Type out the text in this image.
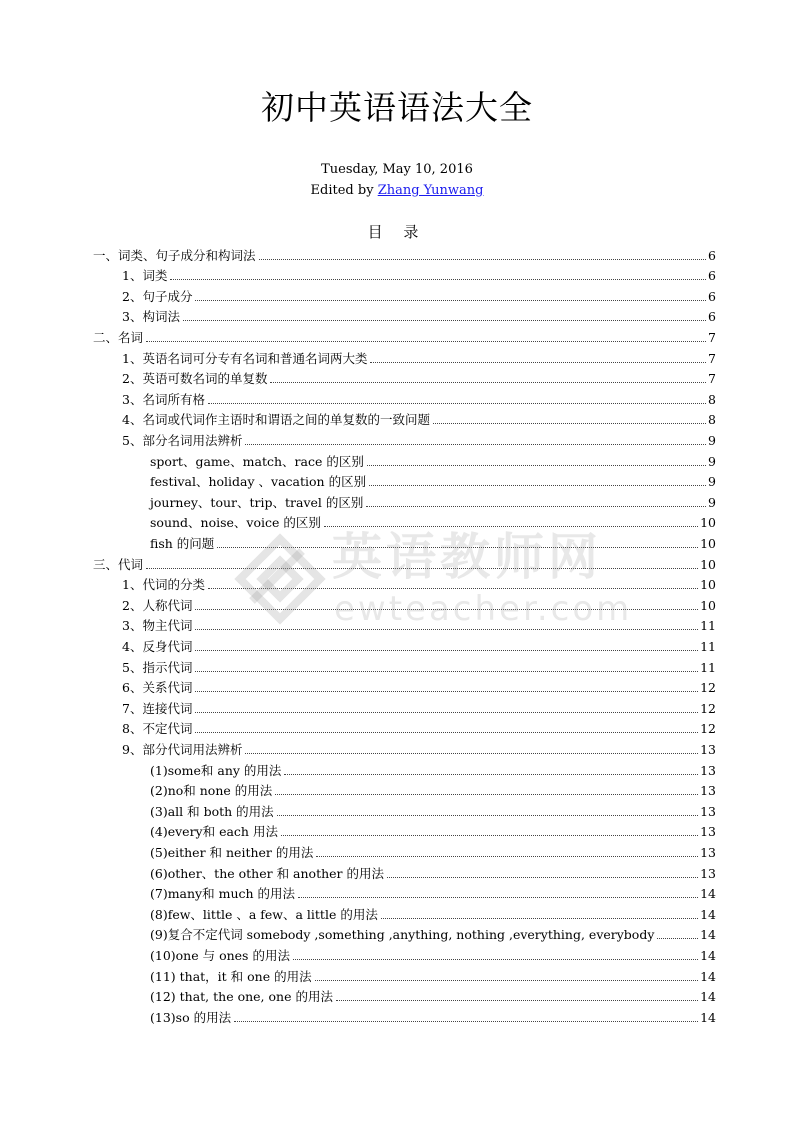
初中英语语法大全
Tuesday, May 10, 2016
Edited by Zhang Yunwang
目 录
一、词类、句子成分和构词法	6
1、词类	6
2、句子成分	6
3、构词法	6
二、名词	7
1、英语名词可分专有名词和普通名词两大类	7
2、英语可数名词的单复数	7
3、名词所有格	8
4、名词或代词作主语时和谓语之间的单复数的一致问题	8
5、部分名词用法辨析	9
sport、game、match、race 的区别	9
festival、holiday 、vacation 的区别	9
journey、tour、trip、travel 的区别	9
sound、noise、voice 的区别	10
fish 的问题	10
三、代词	10
1、代词的分类	10
2、人称代词	10
3、物主代词	11
4、反身代词	11
5、指示代词	11
6、关系代词	12
7、连接代词	12
8、不定代词	12
9、部分代词用法辨析	13
(1)some和 any 的用法	13
(2)no和 none 的用法	13
(3)all 和 both 的用法	13
(4)every和 each 用法	13
(5)either 和 neither 的用法	13
(6)other、the other 和 another 的用法	13
(7)many和 much 的用法	14
(8)few、little 、a few、a little 的用法	14
(9)复合不定代词 somebody ,something ,anything, nothing ,everything, everybody	14
(10)one 与 ones 的用法	14
(11) that，it 和 one 的用法	14
(12) that, the one, one 的用法	14
(13)so 的用法	14
英语教师网
ewteacher.com
